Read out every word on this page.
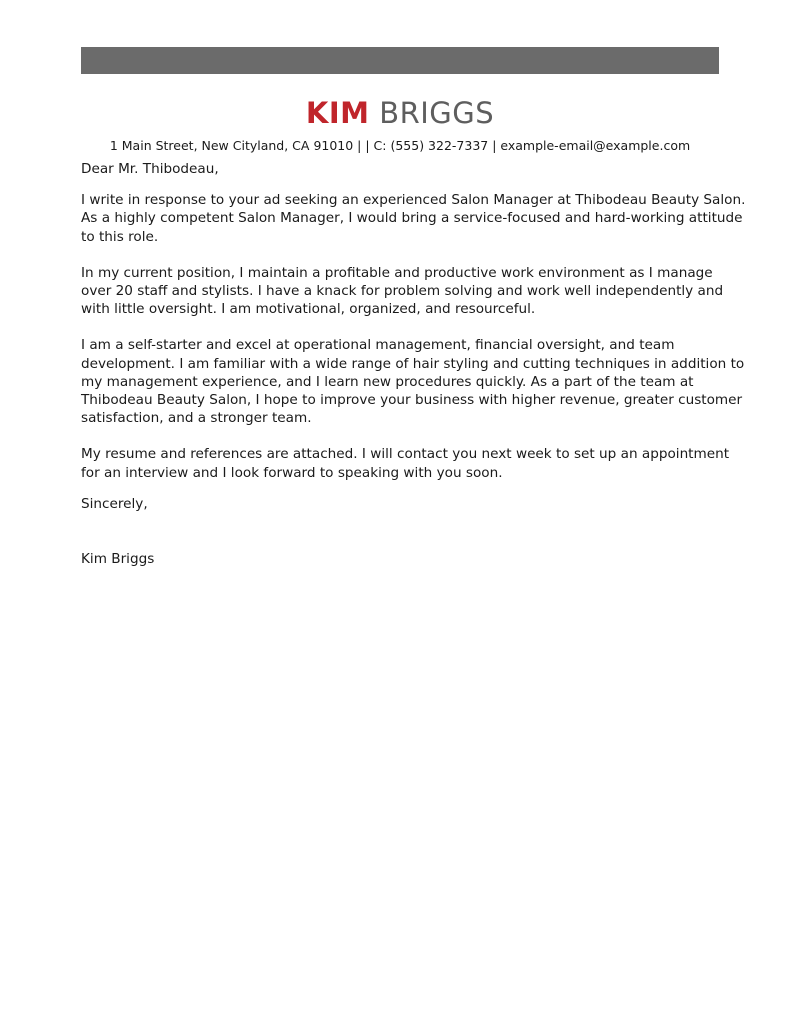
KIM BRIGGS
1 Main Street, New Cityland, CA 91010 | | C: (555) 322-7337 | example-email@example.com

Dear Mr. Thibodeau,

I write in response to your ad seeking an experienced Salon Manager at Thibodeau Beauty Salon.
As a highly competent Salon Manager, I would bring a service-focused and hard-working attitude
to this role.

In my current position, I maintain a profitable and productive work environment as I manage
over 20 staff and stylists. I have a knack for problem solving and work well independently and
with little oversight. I am motivational, organized, and resourceful.

I am a self-starter and excel at operational management, financial oversight, and team
development. I am familiar with a wide range of hair styling and cutting techniques in addition to
my management experience, and I learn new procedures quickly. As a part of the team at
Thibodeau Beauty Salon, I hope to improve your business with higher revenue, greater customer
satisfaction, and a stronger team.

My resume and references are attached. I will contact you next week to set up an appointment
for an interview and I look forward to speaking with you soon.

Sincerely,

Kim Briggs
